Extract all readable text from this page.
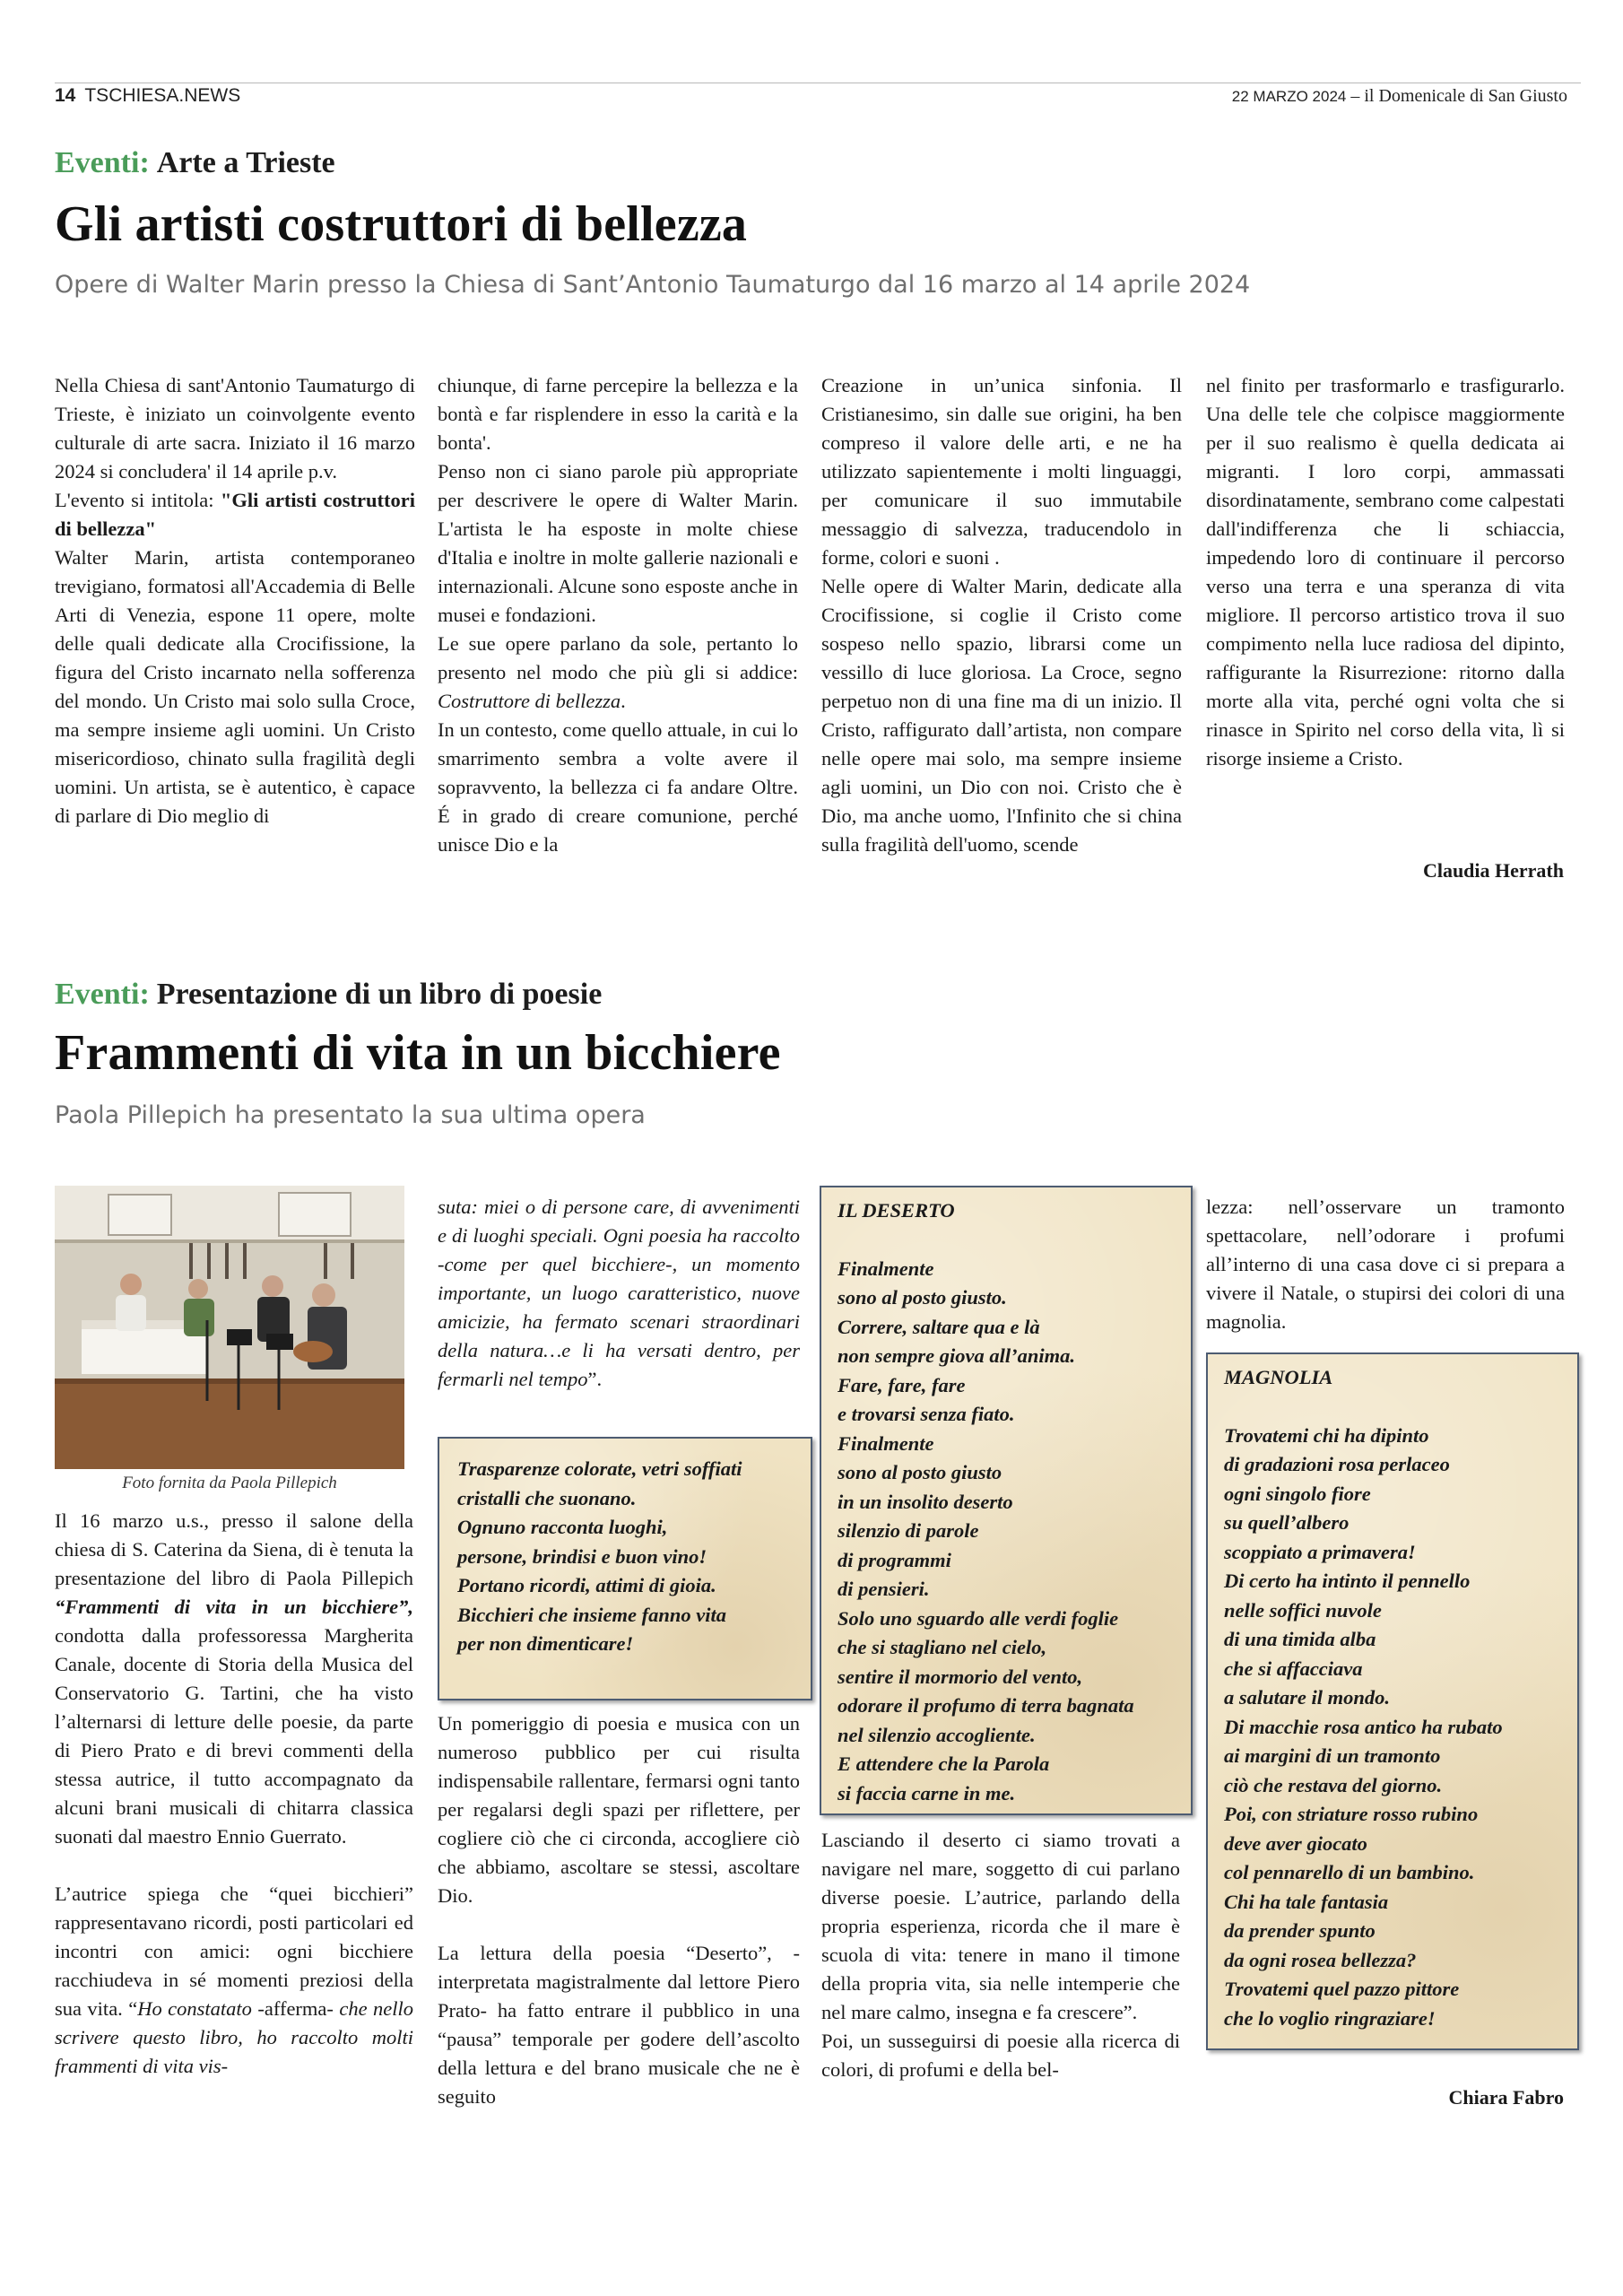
14 TSCHIESA.NEWS	22 MARZO 2024 – il Domenicale di San Giusto
Eventi: Arte a Trieste
Gli artisti costruttori di bellezza
Opere di Walter Marin presso la Chiesa di Sant’Antonio Taumaturgo dal 16 marzo al 14 aprile 2024

Nella Chiesa di sant'Antonio Taumaturgo di Trieste, è iniziato un coinvolgente evento culturale di arte sacra. Iniziato il 16 marzo 2024 si concludera' il 14 aprile p.v.

L'evento si intitola: "Gli artisti costruttori di bellezza"

Walter Marin, artista contemporaneo trevigiano, formatosi all'Accademia di Belle Arti di Venezia, espone 11 opere, molte delle quali dedicate alla Crocifissione, la figura del Cristo incarnato nella sofferenza del mondo. Un Cristo mai solo sulla Croce, ma sempre insieme agli uomini. Un Cristo misericordioso, chinato sulla fragilità degli uomini. Un artista, se è autentico, è capace di parlare di Dio meglio di

chiunque, di farne percepire la bellezza e la bontà e far risplendere in esso la carità e la bonta'.

Penso non ci siano parole più appropriate per descrivere le opere di Walter Marin. L'artista le ha esposte in molte chiese d'Italia e inoltre in molte gallerie nazionali e internazionali. Alcune sono esposte anche in musei e fondazioni.

Le sue opere parlano da sole, pertanto lo presento nel modo che più gli si addice: Costruttore di bellezza.

In un contesto, come quello attuale, in cui lo smarrimento sembra a volte avere il sopravvento, la bellezza ci fa andare Oltre. É in grado di creare comunione, perché unisce Dio e la

Creazione in un’unica sinfonia. Il Cristianesimo, sin dalle sue origini, ha ben compreso il valore delle arti, e ne ha utilizzato sapientemente i molti linguaggi, per comunicare il suo immutabile messaggio di salvezza, traducendolo in forme, colori e suoni .

Nelle opere di Walter Marin, dedicate alla Crocifissione, si coglie il Cristo come sospeso nello spazio, librarsi come un vessillo di luce gloriosa. La Croce, segno perpetuo non di una fine ma di un inizio. Il Cristo, raffigurato dall’artista, non compare nelle opere mai solo, ma sempre insieme agli uomini, un Dio con noi. Cristo che è Dio, ma anche uomo, l'Infinito che si china sulla fragilità dell'uomo, scende

nel finito per trasformarlo e trasfigurarlo. Una delle tele che colpisce maggiormente per il suo realismo è quella dedicata ai migranti. I loro corpi, ammassati disordinatamente, sembrano come calpestati dall'indifferenza che li schiaccia, impedendo loro di continuare il percorso verso una terra e una speranza di vita migliore. Il percorso artistico trova il suo compimento nella luce radiosa del dipinto, raffigurante la Risurrezione: ritorno dalla morte alla vita, perché ogni volta che si rinasce in Spirito nel corso della vita, lì si risorge insieme a Cristo.

Claudia Herrath
Eventi: Presentazione di un libro di poesie
Frammenti di vita in un bicchiere
Paola Pillepich ha presentato la sua ultima opera
Foto fornita da Paola Pillepich

Il 16 marzo u.s., presso il salone della chiesa di S. Caterina da Siena, di è tenuta la presentazione del libro di Paola Pillepich “Frammenti di vita in un bicchiere”, condotta dalla professoressa Margherita Canale, docente di Storia della Musica del Conservatorio G. Tartini, che ha visto l’alternarsi di letture delle poesie, da parte di Piero Prato e di brevi commenti della stessa autrice, il tutto accompagnato da alcuni brani musicali di chitarra classica suonati dal maestro Ennio Guerrato.

L’autrice spiega che “quei bicchieri” rappresentavano ricordi, posti particolari ed incontri con amici: ogni bicchiere racchiudeva in sé momenti preziosi della sua vita. “Ho constatato -afferma- che nello scrivere questo libro, ho raccolto molti frammenti di vita vis-

suta: miei o di persone care, di avvenimenti e di luoghi speciali. Ogni poesia ha raccolto -come per quel bicchiere-, un momento importante, un luogo caratteristico, nuove amicizie, ha fermato scenari straordinari della natura…e li ha versati dentro, per fermarli nel tempo”.

Trasparenze colorate, vetri soffiati
cristalli che suonano.
Ognuno racconta luoghi,
persone, brindisi e buon vino!
Portano ricordi, attimi di gioia.
Bicchieri che insieme fanno vita
per non dimenticare!

Un pomeriggio di poesia e musica con un numeroso pubblico per cui risulta indispensabile rallentare, fermarsi ogni tanto per regalarsi degli spazi per riflettere, per cogliere ciò che ci circonda, accogliere ciò che abbiamo, ascoltare se stessi, ascoltare Dio.

La lettura della poesia “Deserto”, -interpretata magistralmente dal lettore Piero Prato- ha fatto entrare il pubblico in una “pausa” temporale per godere dell’ascolto della lettura e del brano musicale che ne è seguito

IL DESERTO
Finalmente
sono al posto giusto.
Correre, saltare qua e là
non sempre giova all’anima.
Fare, fare, fare
e trovarsi senza fiato.
Finalmente
sono al posto giusto
in un insolito deserto
silenzio di parole
di programmi
di pensieri.
Solo uno sguardo alle verdi foglie
che si stagliano nel cielo,
sentire il mormorio del vento,
odorare il profumo di terra bagnata
nel silenzio accogliente.
E attendere che la Parola
si faccia carne in me.

Lasciando il deserto ci siamo trovati a navigare nel mare, soggetto di cui parlano diverse poesie. L’autrice, parlando della propria esperienza, ricorda che il mare è scuola di vita: tenere in mano il timone della propria vita, sia nelle intemperie che nel mare calmo, insegna e fa crescere”.

Poi, un susseguirsi di poesie alla ricerca di colori, di profumi e della bel-

lezza: nell’osservare un tramonto spettacolare, nell’odorare i profumi all’interno di una casa dove ci si prepara a vivere il Natale, o stupirsi dei colori di una magnolia.

MAGNOLIA
Trovatemi chi ha dipinto
di gradazioni rosa perlaceo
ogni singolo fiore
su quell’albero
scoppiato a primavera!
Di certo ha intinto il pennello
nelle soffici nuvole
di una timida alba
che si affacciava
a salutare il mondo.
Di macchie rosa antico ha rubato
ai margini di un tramonto
ciò che restava del giorno.
Poi, con striature rosso rubino
deve aver giocato
col pennarello di un bambino.
Chi ha tale fantasia
da prender spunto
da ogni rosea bellezza?
Trovatemi quel pazzo pittore
che lo voglio ringraziare!
Chiara Fabro
